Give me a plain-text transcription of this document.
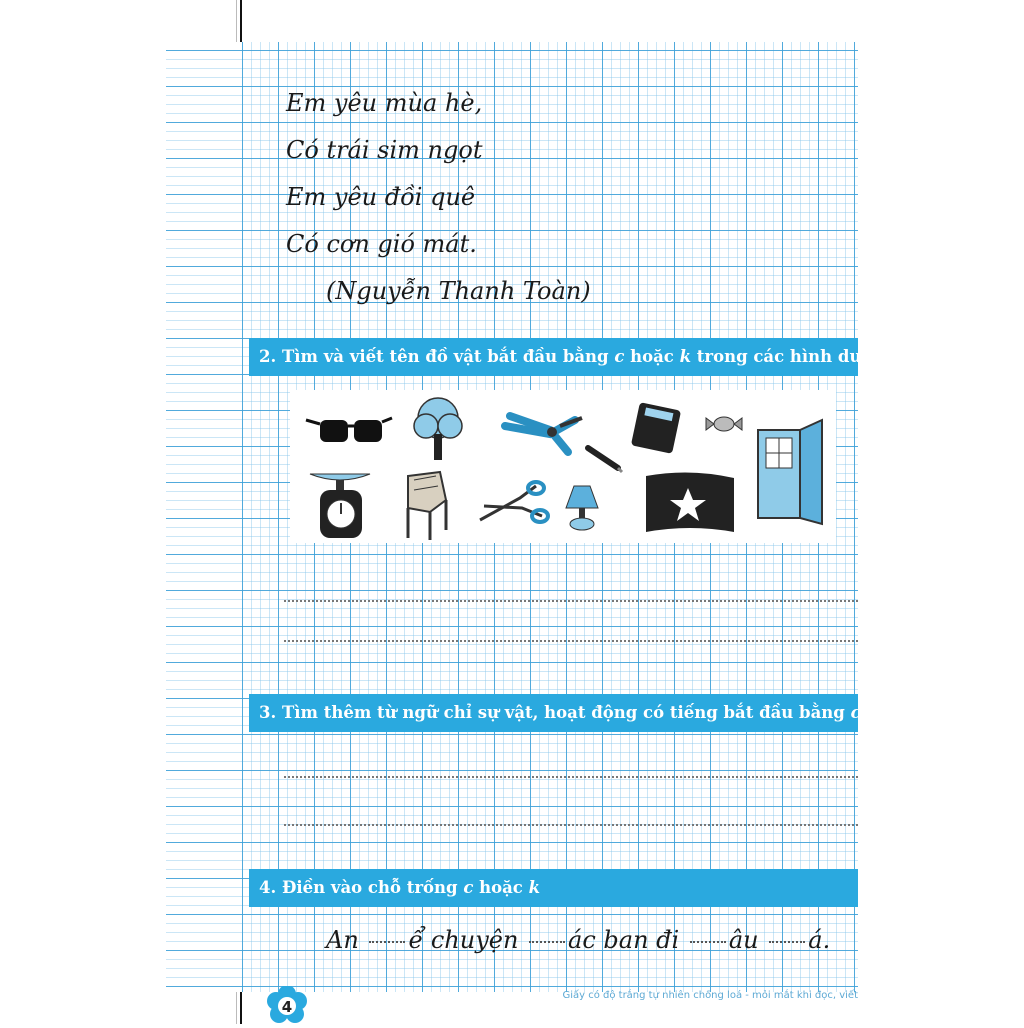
Em yêu mùa hè,
Có trái sim ngọt
Em yêu đồi quê
Có cơn gió mát.
(Nguyễn Thanh Toàn)
2. Tìm và viết tên đồ vật bắt đầu bằng c hoặc k trong các hình dưới đây
3. Tìm thêm từ ngữ chỉ sự vật, hoạt động có tiếng bắt đầu bằng c hoặc k
4. Điền vào chỗ trống c hoặc k
An ể chuyện ác ban đi âu á.
4
Giấy có độ trắng tự nhiên chống loá - mỏi mắt khi đọc, viết
